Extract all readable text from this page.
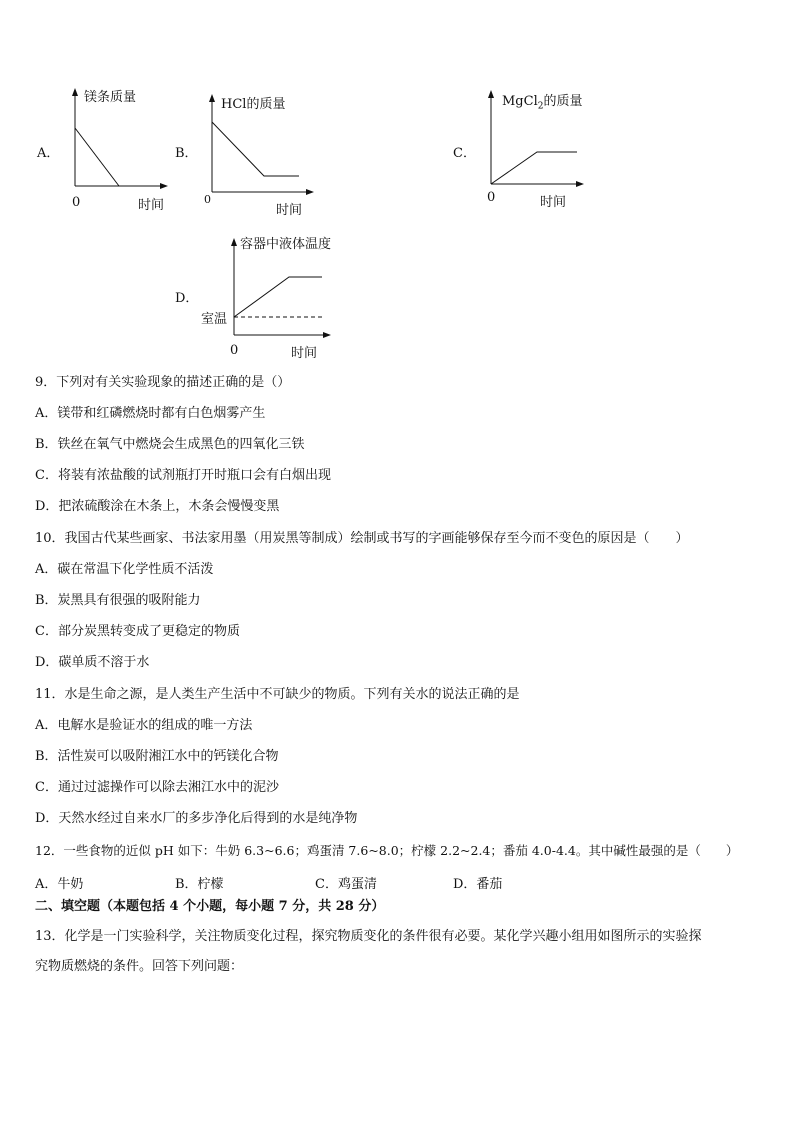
A．
镁条质量
0	时间
B．
HCl的质量
0
时间
C．
MgCl$_2$的质量
0	时间
D．
容器中液体温度
室温
0	时间
9．下列对有关实验现象的描述正确的是（）
A．镁带和红磷燃烧时都有白色烟雾产生
B．铁丝在氧气中燃烧会生成黑色的四氧化三铁
C．将装有浓盐酸的试剂瓶打开时瓶口会有白烟出现
D．把浓硫酸涂在木条上，木条会慢慢变黑
10．我国古代某些画家、书法家用墨（用炭黑等制成）绘制或书写的字画能够保存至今而不变色的原因是（　　）
A．碳在常温下化学性质不活泼
B．炭黑具有很强的吸附能力
C．部分炭黑转变成了更稳定的物质
D．碳单质不溶于水
11．水是生命之源，是人类生产生活中不可缺少的物质。下列有关水的说法正确的是
A．电解水是验证水的组成的唯一方法
B．活性炭可以吸附湘江水中的钙镁化合物
C．通过过滤操作可以除去湘江水中的泥沙
D．天然水经过自来水厂的多步净化后得到的水是纯净物
12．一些食物的近似 pH 如下：牛奶 6.3~6.6；鸡蛋清 7.6~8.0；柠檬 2.2~2.4；番茄 4.0-4.4。其中碱性最强的是（　　）
A．牛奶	B．柠檬	C．鸡蛋清	D．番茄
二、填空题（本题包括 4 个小题，每小题 7 分，共 28 分）
13．化学是一门实验科学，关注物质变化过程，探究物质变化的条件很有必要。某化学兴趣小组用如图所示的实验探
究物质燃烧的条件。回答下列问题：
